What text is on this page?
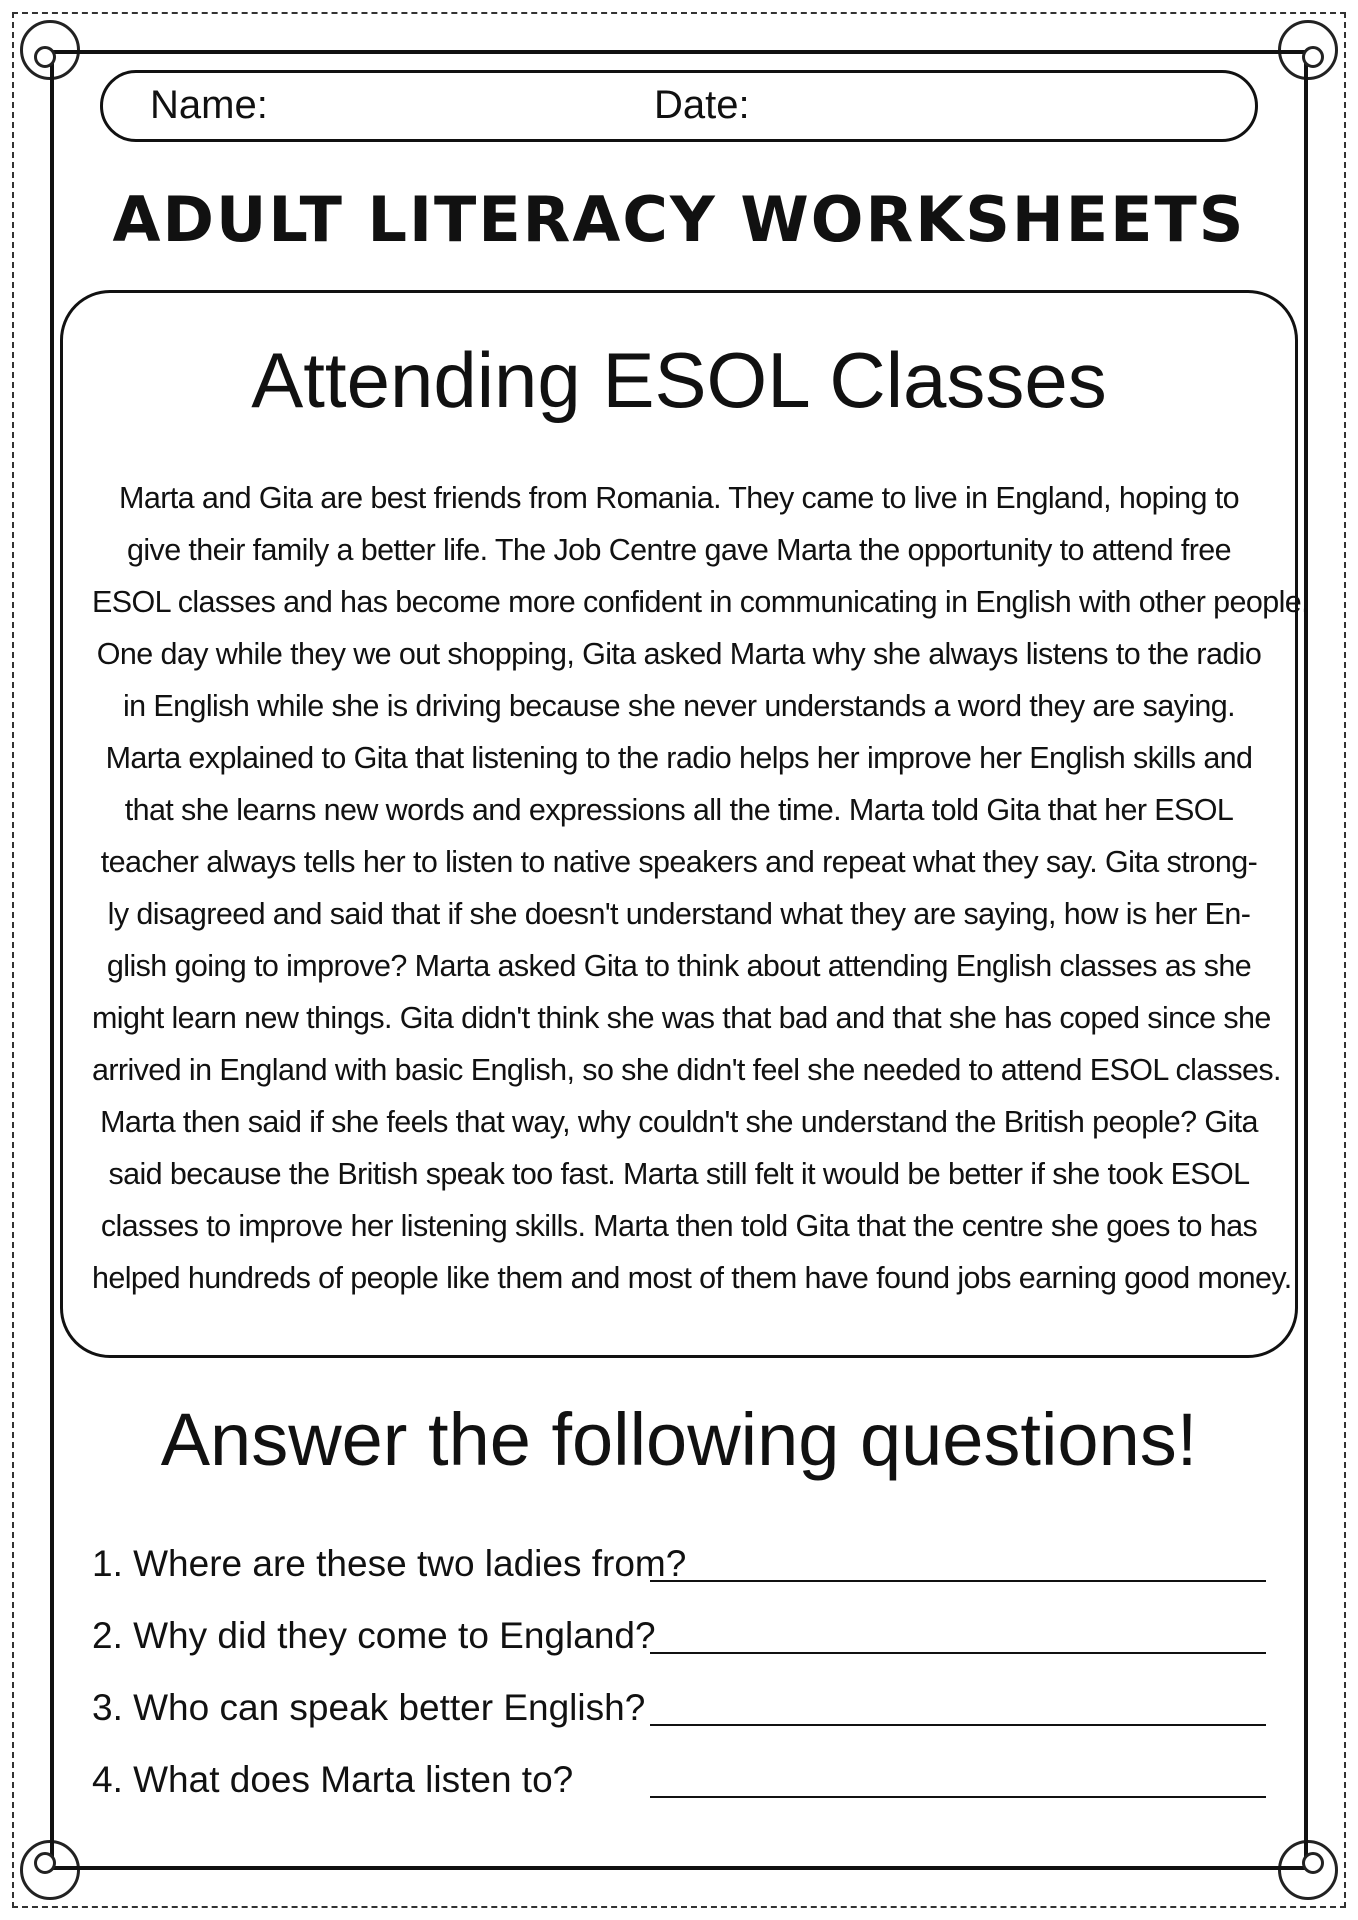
Name:	Date:
ADULT LITERACY WORKSHEETS
Attending ESOL Classes

Marta and Gita are best friends from Romania. They came to live in England, hoping to
give their family a better life. The Job Centre gave Marta the opportunity to attend free
ESOL classes and has become more confident in communicating in English with other people.
One day while they we out shopping, Gita asked Marta why she always listens to the radio
in English while she is driving because she never understands a word they are saying.
Marta explained to Gita that listening to the radio helps her improve her English skills and
that she learns new words and expressions all the time. Marta told Gita that her ESOL
teacher always tells her to listen to native speakers and repeat what they say. Gita strong-
ly disagreed and said that if she doesn't understand what they are saying, how is her En-
glish going to improve? Marta asked Gita to think about attending English classes as she
might learn new things. Gita didn't think she was that bad and that she has coped since she
arrived in England with basic English, so she didn't feel she needed to attend ESOL classes.
Marta then said if she feels that way, why couldn't she understand the British people? Gita
said because the British speak too fast. Marta still felt it would be better if she took ESOL
classes to improve her listening skills. Marta then told Gita that the centre she goes to has
helped hundreds of people like them and most of them have found jobs earning good money.

Answer the following questions!
1. Where are these two ladies from?
2. Why did they come to England?
3. Who can speak better English?
4. What does Marta listen to?
